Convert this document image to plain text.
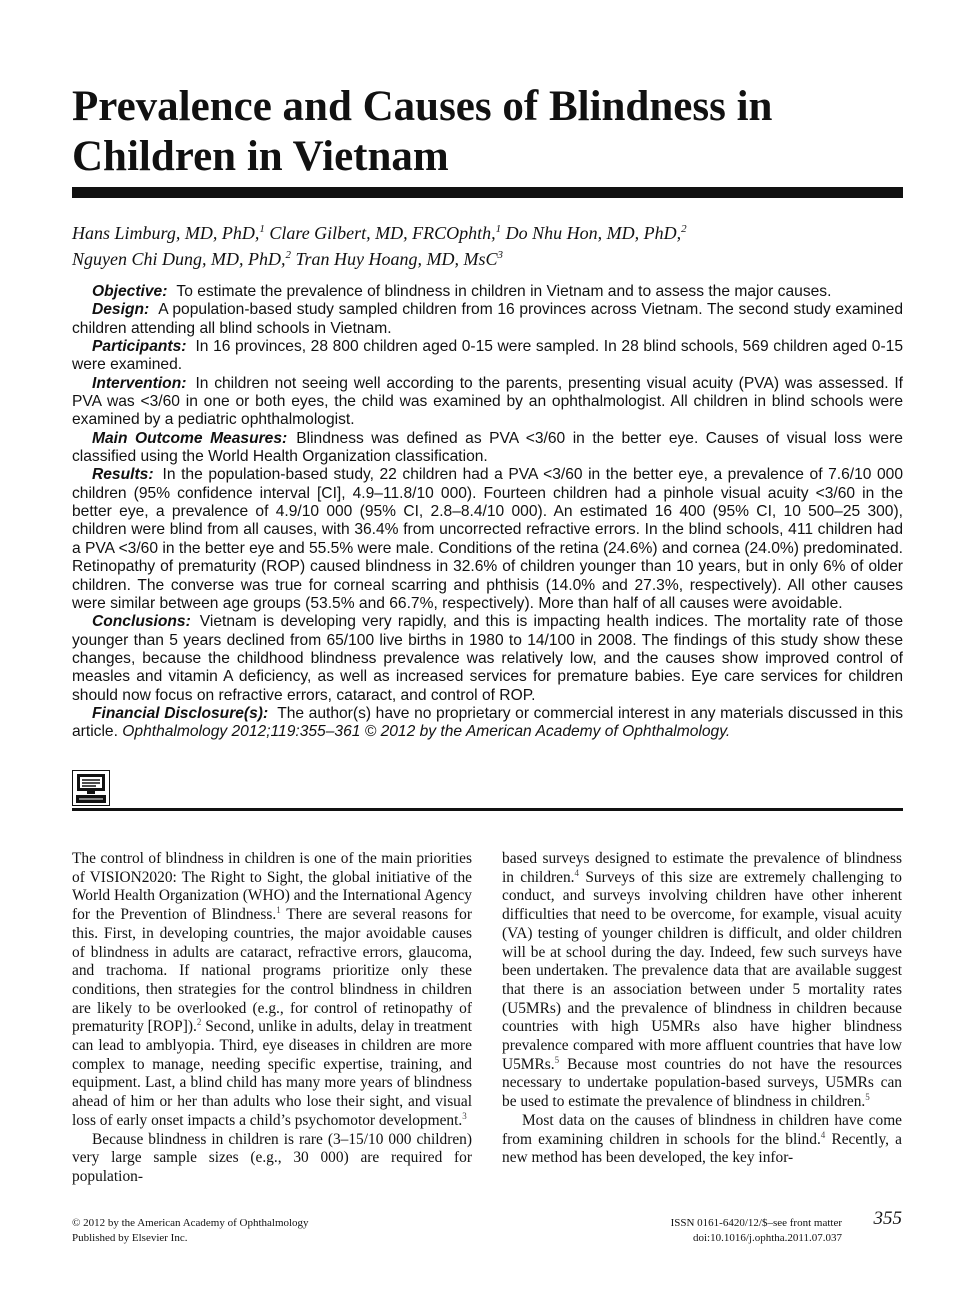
Prevalence and Causes of Blindness in Children in Vietnam
Hans Limburg, MD, PhD,$^1$ Clare Gilbert, MD, FRCOphth,$^1$ Do Nhu Hon, MD, PhD,$^2$
Nguyen Chi Dung, MD, PhD,$^2$ Tran Huy Hoang, MD, MsC$^3$

Objective: To estimate the prevalence of blindness in children in Vietnam and to assess the major causes.

Design: A population-based study sampled children from 16 provinces across Vietnam. The second study examined children attending all blind schools in Vietnam.

Participants: In 16 provinces, 28 800 children aged 0-15 were sampled. In 28 blind schools, 569 children aged 0-15 were examined.

Intervention: In children not seeing well according to the parents, presenting visual acuity (PVA) was assessed. If PVA was <3/60 in one or both eyes, the child was examined by an ophthalmologist. All children in blind schools were examined by a pediatric ophthalmologist.

Main Outcome Measures: Blindness was defined as PVA <3/60 in the better eye. Causes of visual loss were classified using the World Health Organization classification.

Results: In the population-based study, 22 children had a PVA <3/60 in the better eye, a prevalence of 7.6/10 000 children (95% confidence interval [CI], 4.9–11.8/10 000). Fourteen children had a pinhole visual acuity <3/60 in the better eye, a prevalence of 4.9/10 000 (95% CI, 2.8–8.4/10 000). An estimated 16 400 (95% CI, 10 500–25 300), children were blind from all causes, with 36.4% from uncorrected refractive errors. In the blind schools, 411 children had a PVA <3/60 in the better eye and 55.5% were male. Conditions of the retina (24.6%) and cornea (24.0%) predominated. Retinopathy of prematurity (ROP) caused blindness in 32.6% of children younger than 10 years, but in only 6% of older children. The converse was true for corneal scarring and phthisis (14.0% and 27.3%, respectively). All other causes were similar between age groups (53.5% and 66.7%, respectively). More than half of all causes were avoidable.

Conclusions: Vietnam is developing very rapidly, and this is impacting health indices. The mortality rate of those younger than 5 years declined from 65/100 live births in 1980 to 14/100 in 2008. The findings of this study show these changes, because the childhood blindness prevalence was relatively low, and the causes show improved control of measles and vitamin A deficiency, as well as increased services for premature babies. Eye care services for children should now focus on refractive errors, cataract, and control of ROP.

Financial Disclosure(s): The author(s) have no proprietary or commercial interest in any materials discussed in this article. Ophthalmology 2012;119:355–361 © 2012 by the American Academy of Ophthalmology.

The control of blindness in children is one of the main priorities of VISION2020: The Right to Sight, the global initiative of the World Health Organization (WHO) and the International Agency for the Prevention of Blindness.$^1$ There are several reasons for this. First, in developing countries, the major avoidable causes of blindness in adults are cataract, refractive errors, glaucoma, and trachoma. If national programs prioritize only these conditions, then strategies for the control blindness in children are likely to be overlooked (e.g., for control of retinopathy of prematurity [ROP]).$^2$ Second, unlike in adults, delay in treatment can lead to amblyopia. Third, eye diseases in children are more complex to manage, needing specific expertise, training, and equipment. Last, a blind child has many more years of blindness ahead of him or her than adults who lose their sight, and visual loss of early onset impacts a child’s psychomotor development.$^3$

Because blindness in children is rare (3–15/10 000 children) very large sample sizes (e.g., 30 000) are required for population-

based surveys designed to estimate the prevalence of blindness in children.$^4$ Surveys of this size are extremely challenging to conduct, and surveys involving children have other inherent difficulties that need to be overcome, for example, visual acuity (VA) testing of younger children is difficult, and older children will be at school during the day. Indeed, few such surveys have been undertaken. The prevalence data that are available suggest that there is an association between under 5 mortality rates (U5MRs) and the prevalence of blindness in children because countries with high U5MRs also have higher blindness prevalence compared with more affluent countries that have low U5MRs.$^5$ Because most countries do not have the resources necessary to undertake population-based surveys, U5MRs can be used to estimate the prevalence of blindness in children.$^5$

Most data on the causes of blindness in children have come from examining children in schools for the blind.$^4$ Recently, a new method has been developed, the key infor-

© 2012 by the American Academy of Ophthalmology
Published by Elsevier Inc.
ISSN 0161-6420/12/$–see front matter
doi:10.1016/j.ophtha.2011.07.037
355
